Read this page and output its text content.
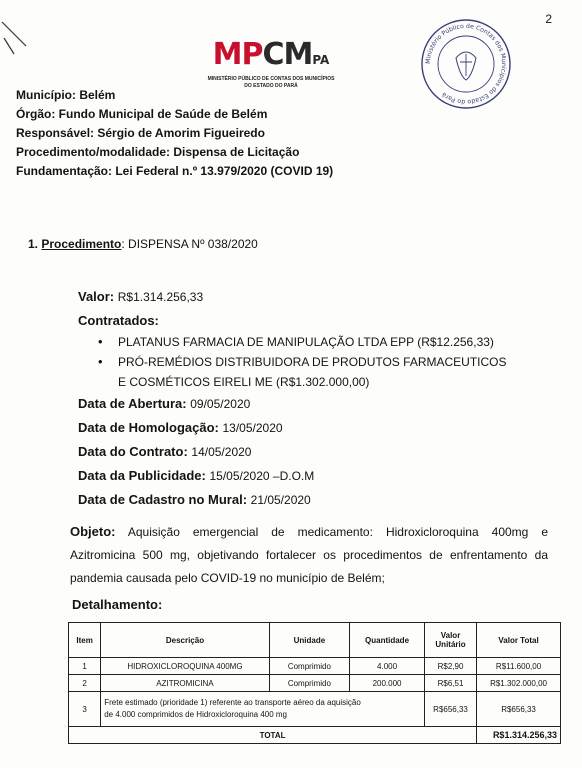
2
MPCMPA
MINISTÉRIO PÚBLICO DE CONTAS DOS MUNICÍPIOS
DO ESTADO DO PARÁ
Ministério Público de Contas dos Municípios do Estado do Pará

Município: Belém

Órgão: Fundo Municipal de Saúde de Belém

Responsável: Sérgio de Amorim Figueiredo

Procedimento/modalidade: Dispensa de Licitação

Fundamentação: Lei Federal n.º 13.979/2020 (COVID 19)

1. Procedimento: DISPENSA Nº 038/2020

Valor: R$1.314.256,33

Contratados:

• PLATANUS FARMACIA DE MANIPULAÇÃO LTDA EPP (R$12.256,33)
• PRÓ-REMÉDIOS DISTRIBUIDORA DE PRODUTOS FARMACEUTICOS
E COSMÉTICOS EIRELI ME (R$1.302.000,00)

Data de Abertura: 09/05/2020

Data de Homologação: 13/05/2020

Data do Contrato: 14/05/2020

Data da Publicidade: 15/05/2020 –D.O.M

Data de Cadastro no Mural: 21/05/2020

Objeto: Aquisição emergencial de medicamento: Hidroxicloroquina 400mg e Azitromicina 500 mg, objetivando fortalecer os procedimentos de enfrentamento da pandemia causada pelo COVID-19 no município de Belém;
Detalhamento:
Item	Descrição	Unidade	Quantidade	Valor
Unitário	Valor Total
1	HIDROXICLOROQUINA 400MG	Comprimido	4.000	R$2,90	R$11.600,00
2	AZITROMICINA	Comprimido	200.000	R$6,51	R$1.302.000,00
3	Frete estimado (prioridade 1) referente ao transporte aéreo da aquisição
de 4.000 comprimidos de Hidroxicloroquina 400 mg			R$656,33	R$656,33
TOTAL					R$1.314.256,33
